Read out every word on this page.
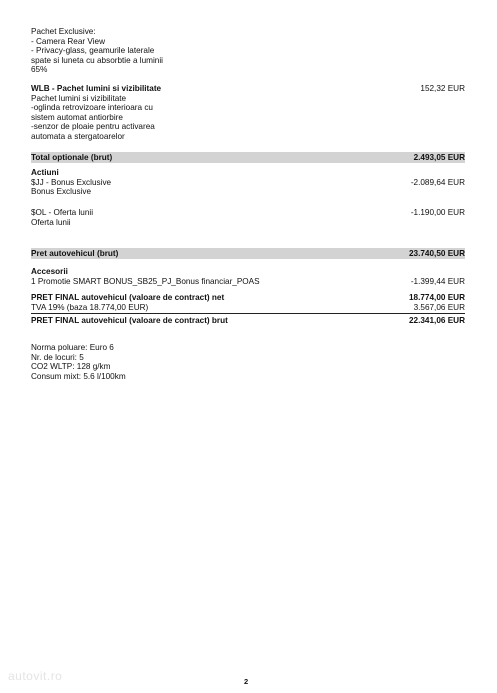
Pachet Exclusive:
- Camera Rear View
- Privacy-glass, geamurile laterale
spate si luneta cu absorbtie a luminii
65%
WLB - Pachet lumini si vizibilitate	152,32 EUR
Pachet lumini si vizibilitate
-oglinda retrovizoare interioara cu
sistem automat antiorbire
-senzor de ploaie pentru activarea
automata a stergatoarelor
Total optionale (brut)	2.493,05 EUR
Actiuni
$JJ - Bonus Exclusive	-2.089,64 EUR
Bonus Exclusive
$OL - Oferta lunii	-1.190,00 EUR
Oferta lunii
Pret autovehicul (brut)	23.740,50 EUR
Accesorii
1 Promotie SMART BONUS_SB25_PJ_Bonus financiar_POAS	-1.399,44 EUR
PRET FINAL autovehicul (valoare de contract) net	18.774,00 EUR
TVA 19% (baza 18.774,00 EUR)	3.567,06 EUR
PRET FINAL autovehicul (valoare de contract) brut	22.341,06 EUR
Norma poluare: Euro 6
Nr. de locuri: 5
CO2 WLTP: 128 g/km
Consum mixt: 5.6 l/100km
autovit.ro	2
